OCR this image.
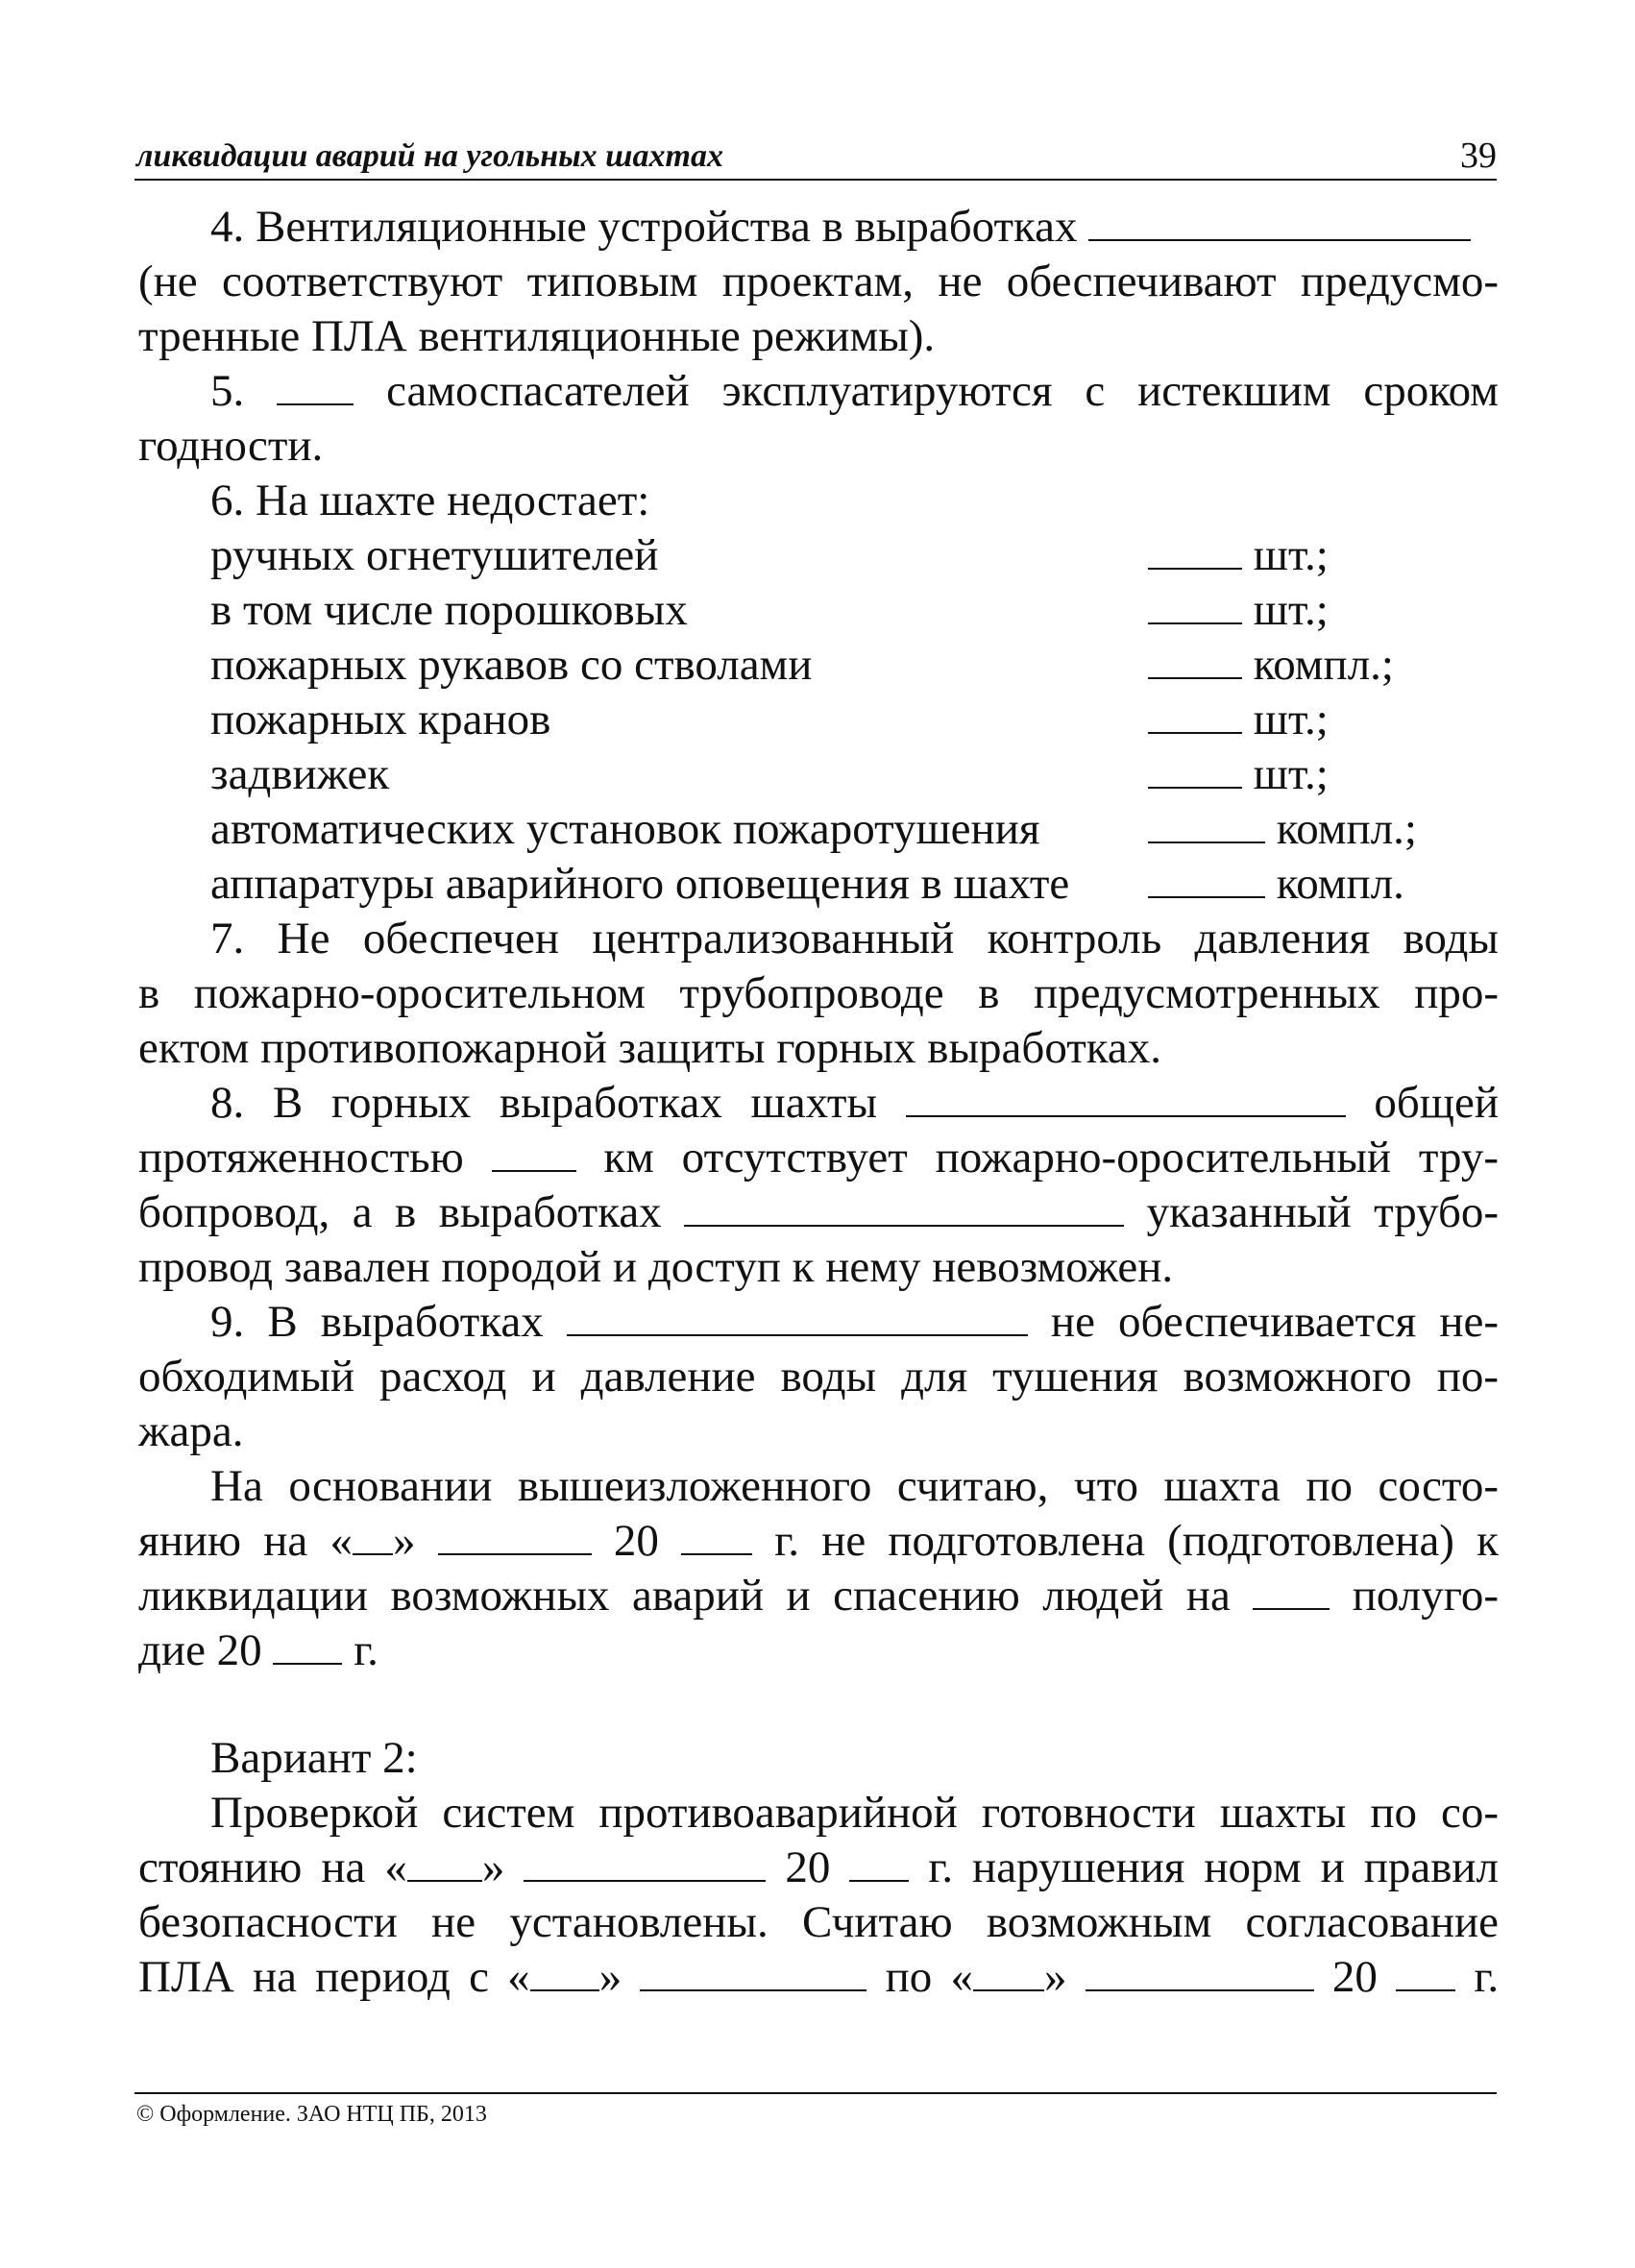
ликвидации аварий на угольных шахтах	39
4. Вентиляционные устройства в выработках
(не соответствуют типовым проектам, не обеспечивают предусмо-
тренные ПЛА вентиляционные режимы).
5.	самоспасателей эксплуатируются с истекшим сроком
годности.
6. На шахте недостает:
ручных огнетушителей	шт.;
в том числе порошковых	шт.;
пожарных рукавов со стволами	компл.;
пожарных кранов	шт.;
задвижек	шт.;
автоматических установок пожаротушения	компл.;
аппаратуры аварийного оповещения в шахте	компл.
7. Не обеспечен централизованный контроль давления воды
в пожарно-оросительном трубопроводе в предусмотренных про-
ектом противопожарной защиты горных выработках.
8. В горных выработках шахты	общей
протяженностью	км отсутствует пожарно-оросительный тру-
бопровод, а в выработках	указанный трубо-
провод завален породой и доступ к нему невозможен.
9. В выработках	не обеспечивается не-
обходимый расход и давление воды для тушения возможного по-
жара.
На основании вышеизложенного считаю, что шахта по состо-
янию на « »	20	г. не подготовлена (подготовлена) к
ликвидации возможных аварий и спасению людей на	полуго-
дие 20 г.
Вариант 2:
Проверкой систем противоаварийной готовности шахты по со-
стоянию на « »	20 г. нарушения норм и правил
безопасности не установлены. Считаю возможным согласование
ПЛА на период с « »	по « »	20 г.
© Оформление. ЗАО НТЦ ПБ, 2013
